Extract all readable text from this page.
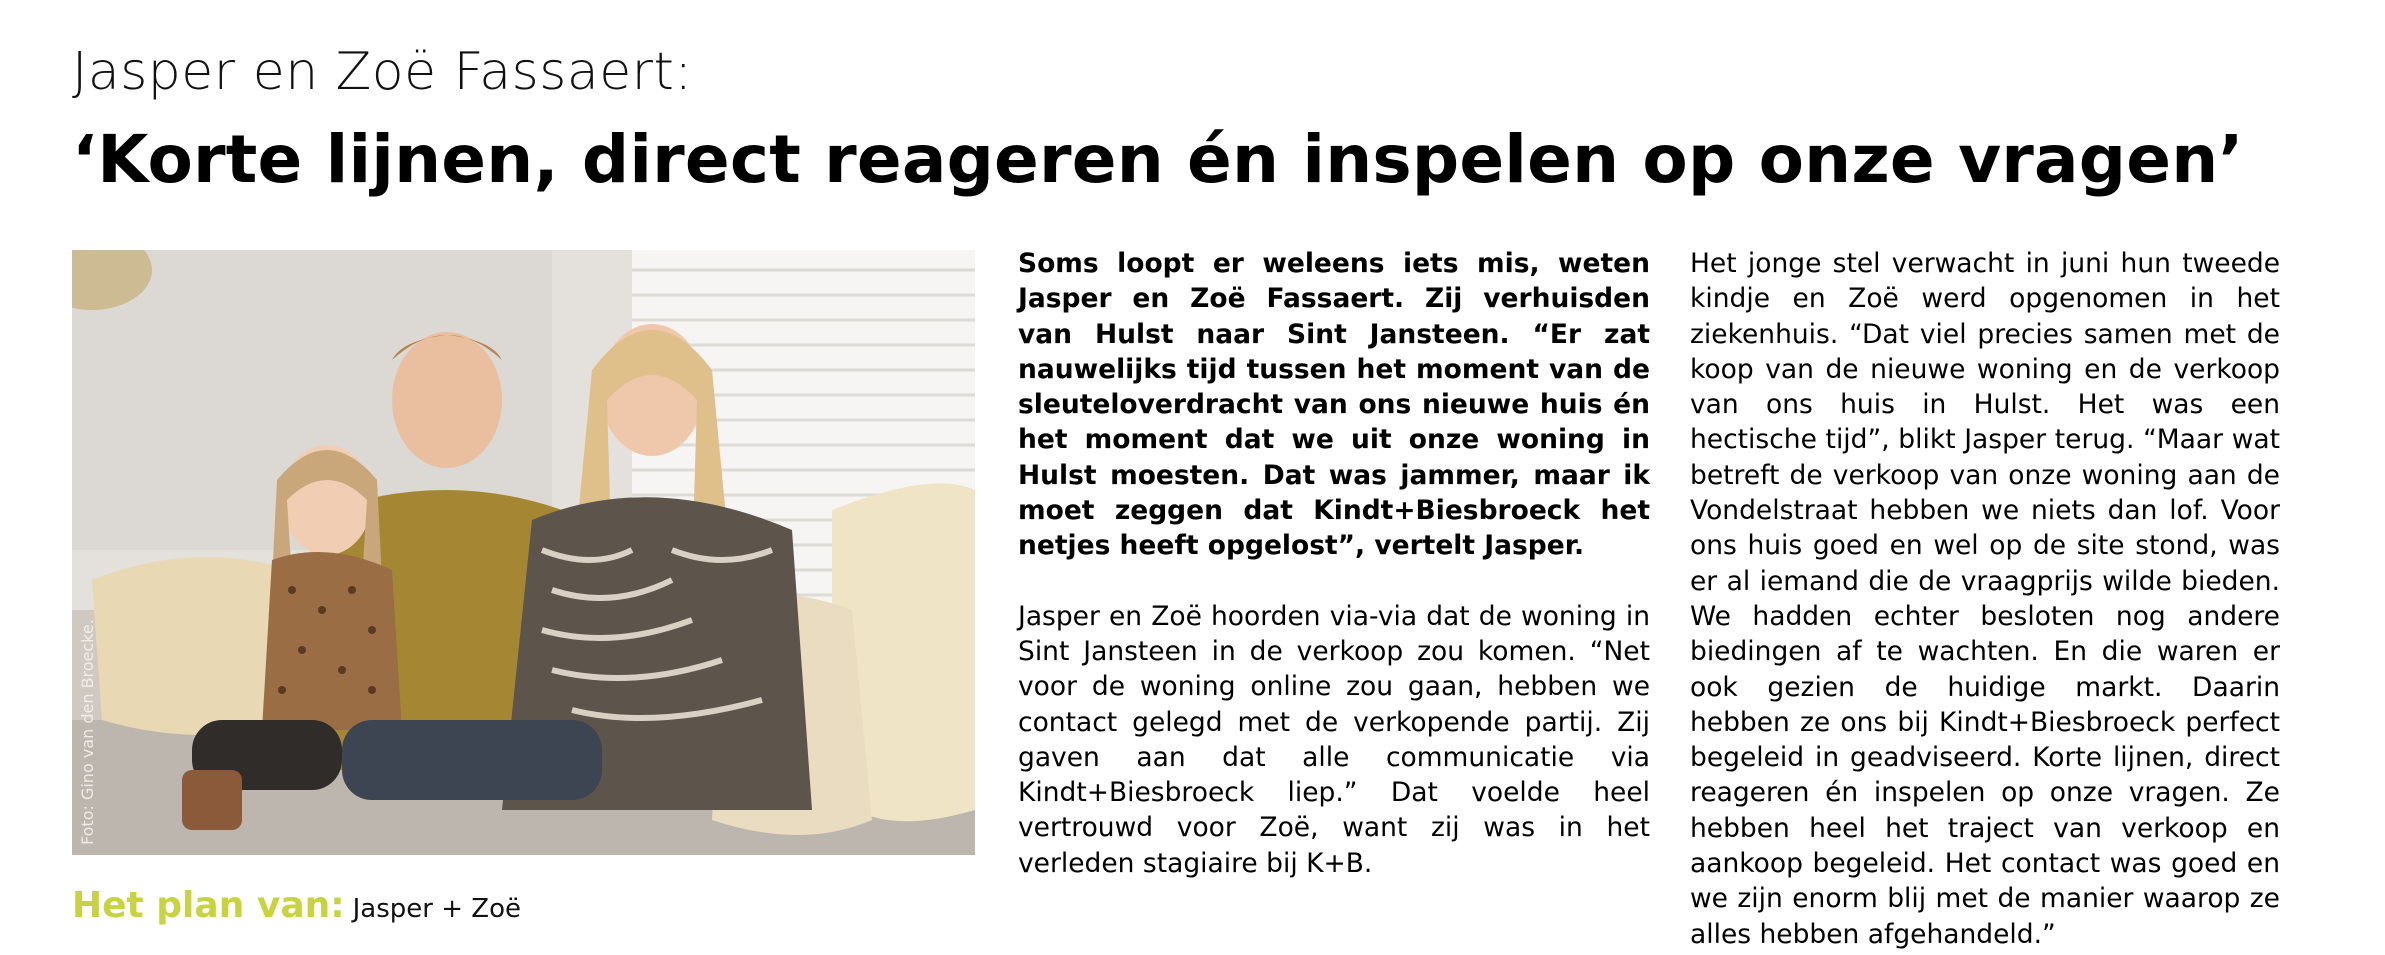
Jasper en Zoë Fassaert:
‘Korte lijnen, direct reageren én inspelen op onze vragen’
Foto: Gino van den Broecke.

Soms loopt er weleens iets mis, weten Jasper en Zoë Fassaert. Zij verhuisden van Hulst naar Sint Jansteen. “Er zat nauwelijks tijd tussen het moment van de sleuteloverdracht van ons nieuwe huis én het moment dat we uit onze woning in Hulst moesten. Dat was jammer, maar ik moet zeggen dat Kindt+Biesbroeck het netjes heeft opgelost”, vertelt Jasper.

Jasper en Zoë hoorden via-via dat de woning in Sint Jansteen in de verkoop zou komen. “Net voor de woning online zou gaan, hebben we contact gelegd met de verkopende partij. Zij gaven aan dat alle communicatie via Kindt+Biesbroeck liep.” Dat voelde heel vertrouwd voor Zoë, want zij was in het verleden stagiaire bij K+B.

Het jonge stel verwacht in juni hun tweede kindje en Zoë werd opgenomen in het ziekenhuis. “Dat viel precies samen met de koop van de nieuwe woning en de verkoop van ons huis in Hulst. Het was een hectische tijd”, blikt Jasper terug. “Maar wat betreft de verkoop van onze woning aan de Vondelstraat hebben we niets dan lof. Voor ons huis goed en wel op de site stond, was er al iemand die de vraagprijs wilde bieden. We hadden echter besloten nog andere biedingen af te wachten. En die waren er ook gezien de huidige markt. Daarin hebben ze ons bij Kindt+Biesbroeck perfect begeleid in geadviseerd. Korte lijnen, direct reageren én inspelen op onze vragen. Ze hebben heel het traject van verkoop en aankoop begeleid. Het contact was goed en we zijn enorm blij met de manier waarop ze alles hebben afgehandeld.”

Het plan van: Jasper + Zoë
